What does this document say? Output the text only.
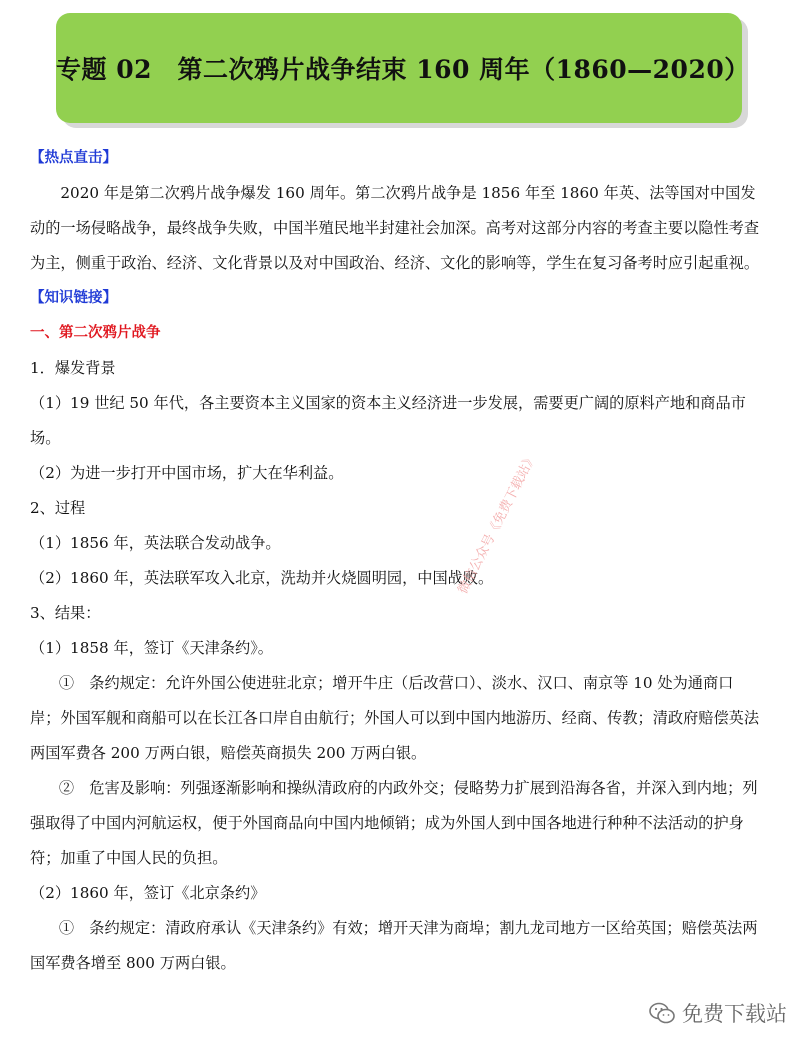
专题 02　第二次鸦片战争结束 160 周年（1860—2020）

【热点直击】

2020 年是第二次鸦片战争爆发 160 周年。第二次鸦片战争是 1856 年至 1860 年英、法等国对中国发动的一场侵略战争，最终战争失败，中国半殖民地半封建社会加深。高考对这部分内容的考查主要以隐性考查为主，侧重于政治、经济、文化背景以及对中国政治、经济、文化的影响等，学生在复习备考时应引起重视。

【知识链接】

一、第二次鸦片战争

1．爆发背景

（1）19 世纪 50 年代，各主要资本主义国家的资本主义经济进一步发展，需要更广阔的原料产地和商品市场。

（2）为进一步打开中国市场，扩大在华利益。

2、过程

（1）1856 年，英法联合发动战争。

（2）1860 年，英法联军攻入北京，洗劫并火烧圆明园，中国战败。

3、结果：

（1）1858 年，签订《天津条约》。

①　条约规定：允许外国公使进驻北京；增开牛庄（后改营口）、淡水、汉口、南京等 10 处为通商口岸；外国军舰和商船可以在长江各口岸自由航行；外国人可以到中国内地游历、经商、传教；清政府赔偿英法两国军费各 200 万两白银，赔偿英商损失 200 万两白银。

②　危害及影响：列强逐渐影响和操纵清政府的内政外交；侵略势力扩展到沿海各省，并深入到内地；列强取得了中国内河航运权，便于外国商品向中国内地倾销；成为外国人到中国各地进行种种不法活动的护身符；加重了中国人民的负担。

（2）1860 年，签订《北京条约》

①　条约规定：清政府承认《天津条约》有效；增开天津为商埠；割九龙司地方一区给英国；赔偿英法两国军费各增至 800 万两白银。

微信公众号《免费下载站》
免费下载站
